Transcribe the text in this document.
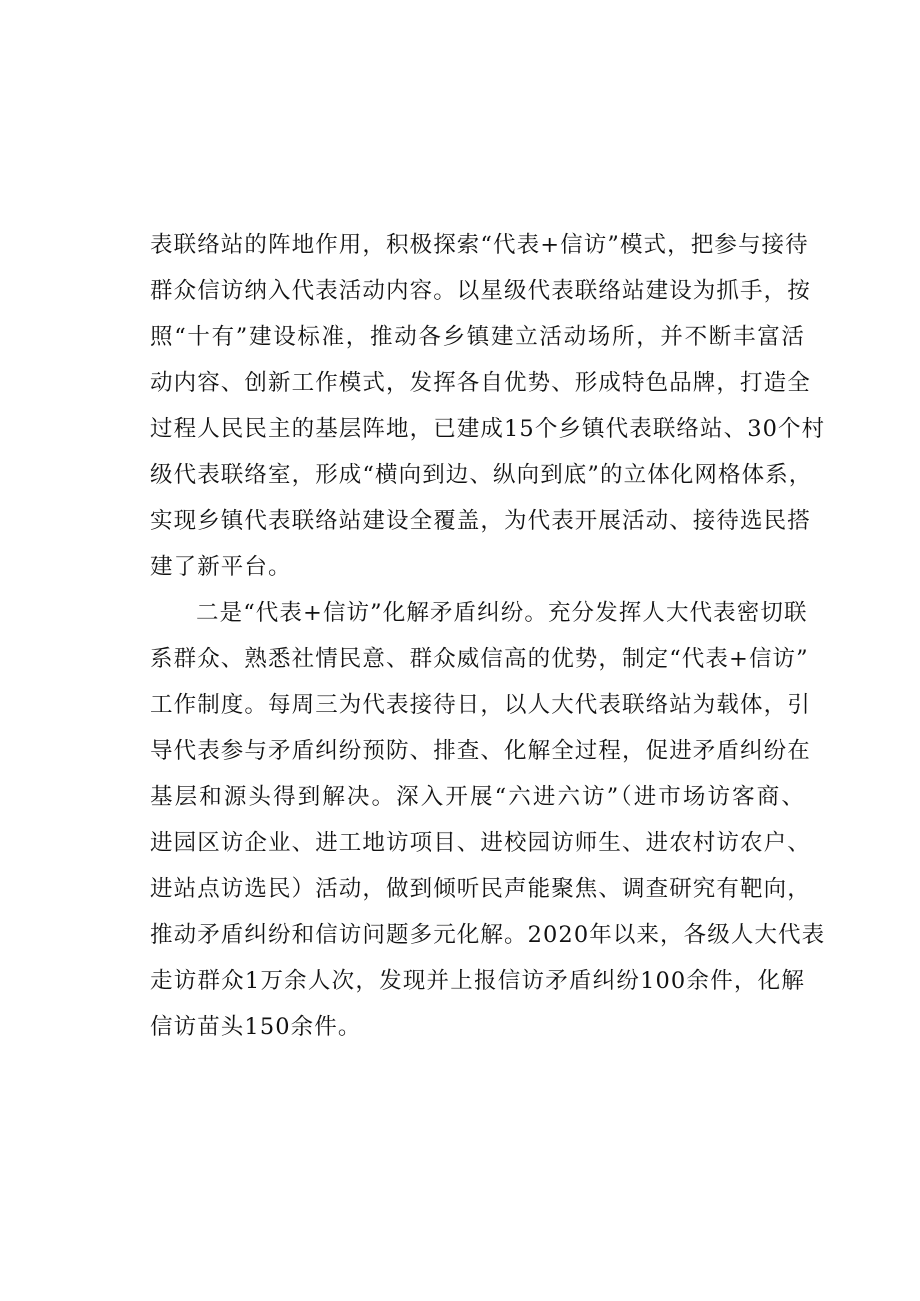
表联络站的阵地作用，积极探索“代表+信访”模式，把参与接待
群众信访纳入代表活动内容。以星级代表联络站建设为抓手，按
照“十有”建设标准，推动各乡镇建立活动场所，并不断丰富活
动内容、创新工作模式，发挥各自优势、形成特色品牌，打造全
过程人民民主的基层阵地，已建成15个乡镇代表联络站、30个村
级代表联络室，形成“横向到边、纵向到底”的立体化网格体系，
实现乡镇代表联络站建设全覆盖，为代表开展活动、接待选民搭
建了新平台。
二是“代表+信访”化解矛盾纠纷。充分发挥人大代表密切联
系群众、熟悉社情民意、群众威信高的优势，制定“代表+信访”
工作制度。每周三为代表接待日，以人大代表联络站为载体，引
导代表参与矛盾纠纷预防、排查、化解全过程，促进矛盾纠纷在
基层和源头得到解决。深入开展“六进六访”（进市场访客商、
进园区访企业、进工地访项目、进校园访师生、进农村访农户、
进站点访选民）活动，做到倾听民声能聚焦、调查研究有靶向，
推动矛盾纠纷和信访问题多元化解。2020年以来，各级人大代表
走访群众1万余人次，发现并上报信访矛盾纠纷100余件，化解
信访苗头150余件。
